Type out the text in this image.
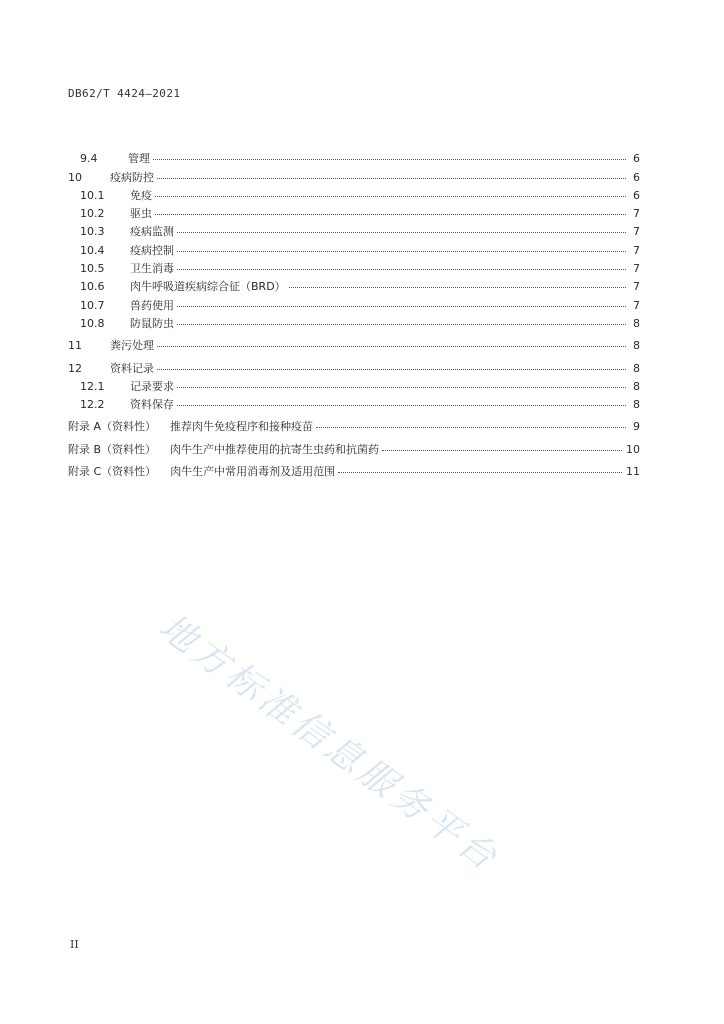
DB62/T 4424—2021
9.4	管理	6
10	疫病防控	6
10.1	免疫	6
10.2	驱虫	7
10.3	疫病监测	7
10.4	疫病控制	7
10.5	卫生消毒	7
10.6	肉牛呼吸道疾病综合征（BRD）	7
10.7	兽药使用	7
10.8	防鼠防虫	8
11	粪污处理	8
12	资料记录	8
12.1	记录要求	8
12.2	资料保存	8
附录 A（资料性）	推荐肉牛免疫程序和接种疫苗	9
附录 B（资料性）	肉牛生产中推荐使用的抗寄生虫药和抗菌药	10
附录 C（资料性）	肉牛生产中常用消毒剂及适用范围	11
地方标准信息服务平台
II
